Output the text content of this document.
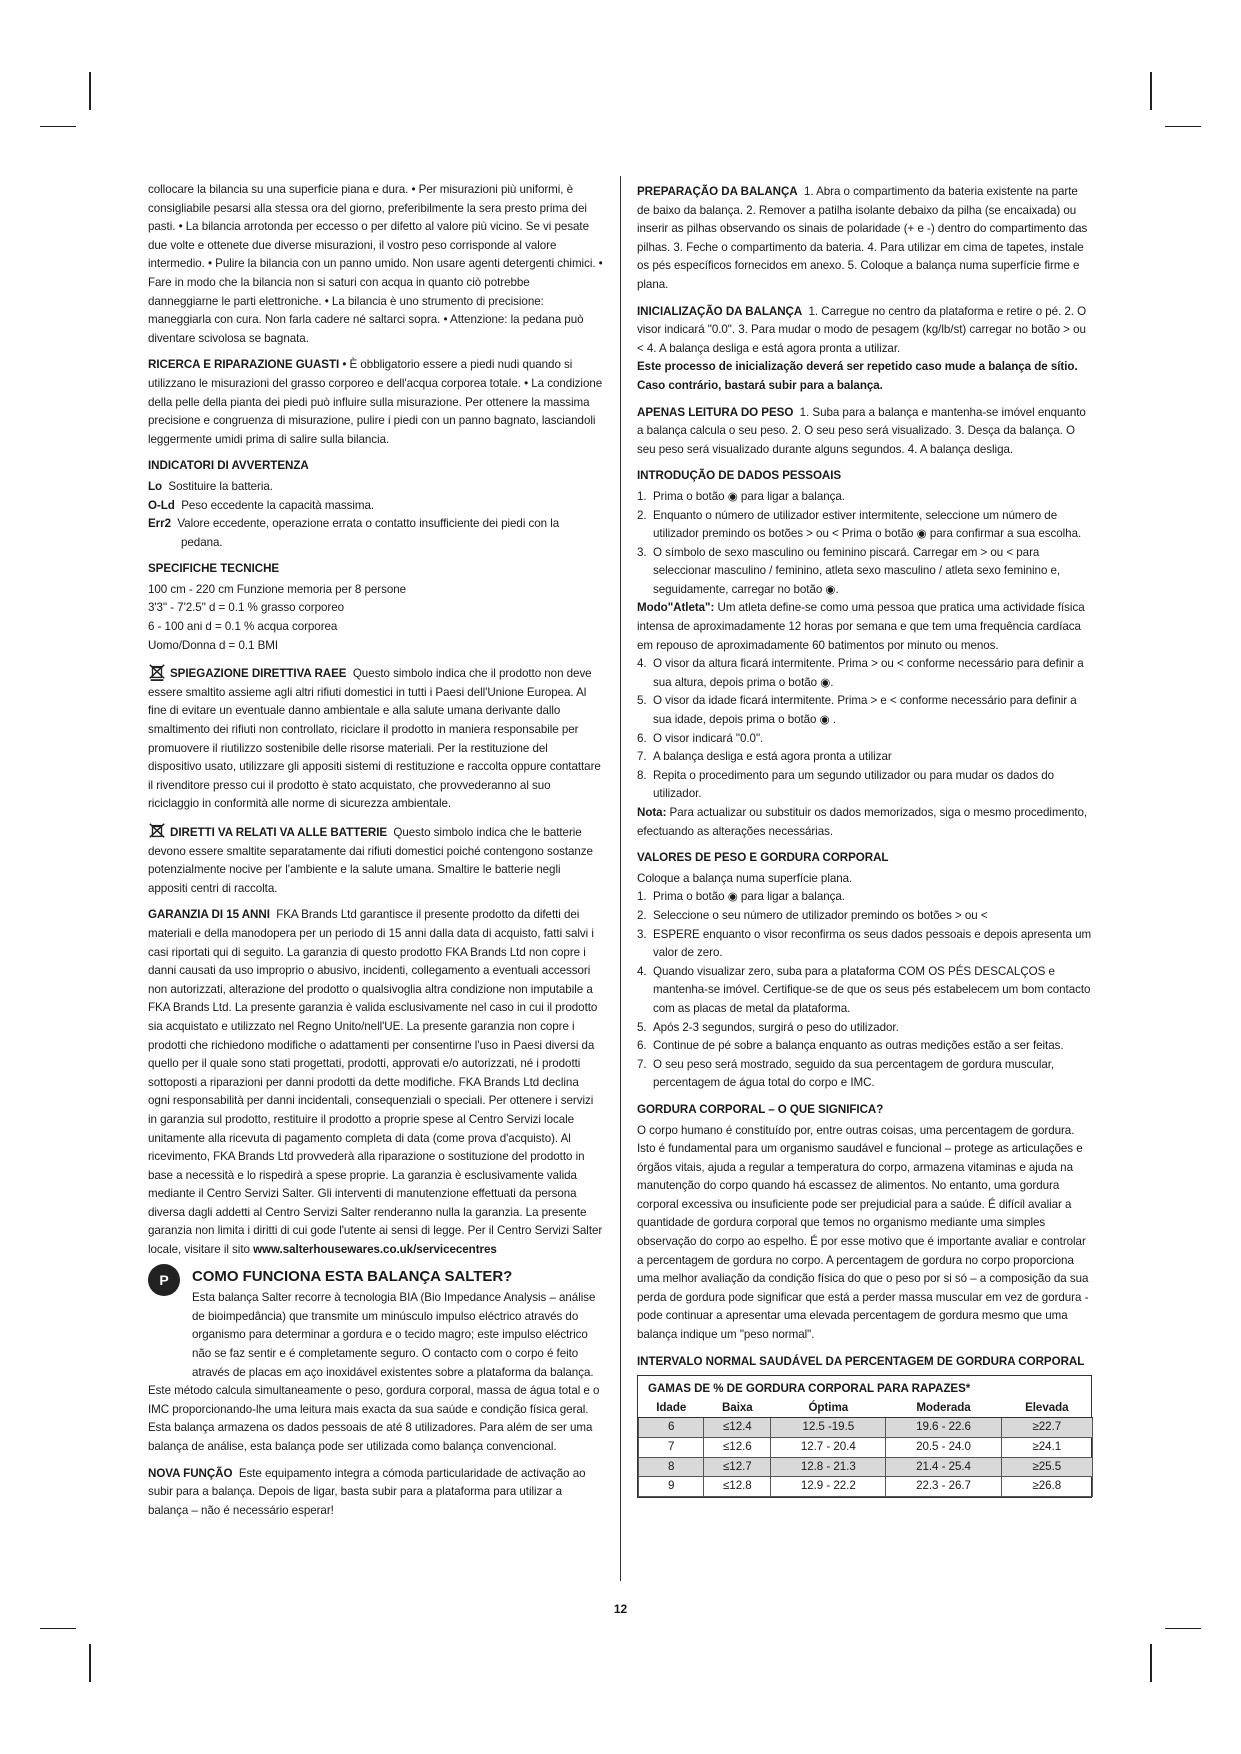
collocare la bilancia su una superficie piana e dura. • Per misurazioni più uniformi, è consigliabile pesarsi alla stessa ora del giorno, preferibilmente la sera presto prima dei pasti. • La bilancia arrotonda per eccesso o per difetto al valore più vicino. Se vi pesate due volte e ottenete due diverse misurazioni, il vostro peso corrisponde al valore intermedio. • Pulire la bilancia con un panno umido. Non usare agenti detergenti chimici. • Fare in modo che la bilancia non si saturi con acqua in quanto ciò potrebbe danneggiarne le parti elettroniche. • La bilancia è uno strumento di precisione: maneggiarla con cura. Non farla cadere né saltarci sopra. • Attenzione: la pedana può diventare scivolosa se bagnata.

RICERCA E RIPARAZIONE GUASTI • È obbligatorio essere a piedi nudi quando si utilizzano le misurazioni del grasso corporeo e dell'acqua corporea totale. • La condizione della pelle della pianta dei piedi può influire sulla misurazione. Per ottenere la massima precisione e congruenza di misurazione, pulire i piedi con un panno bagnato, lasciandoli leggermente umidi prima di salire sulla bilancia.

INDICATORI DI AVVERTENZA
Lo Sostituire la batteria.
O-Ld Peso eccedente la capacità massima.
Err2 Valore eccedente, operazione errata o contatto insufficiente dei piedi con la pedana.
SPECIFICHE TECNICHE
100 cm - 220 cm Funzione memoria per 8 persone
3'3" - 7'2.5" d = 0.1 % grasso corporeo
6 - 100 ani d = 0.1 % acqua corporea
Uomo/Donna d = 0.1 BMI

SPIEGAZIONE DIRETTIVA RAEE Questo simbolo indica che il prodotto non deve essere smaltito assieme agli altri rifiuti domestici in tutti i Paesi dell'Unione Europea. Al fine di evitare un eventuale danno ambientale e alla salute umana derivante dallo smaltimento dei rifiuti non controllato, riciclare il prodotto in maniera responsabile per promuovere il riutilizzo sostenibile delle risorse materiali. Per la restituzione del dispositivo usato, utilizzare gli appositi sistemi di restituzione e raccolta oppure contattare il rivenditore presso cui il prodotto è stato acquistato, che provvederanno al suo riciclaggio in conformità alle norme di sicurezza ambientale.

DIRETTI VA RELATI VA ALLE BATTERIE Questo simbolo indica che le batterie devono essere smaltite separatamente dai rifiuti domestici poiché contengono sostanze potenzialmente nocive per l'ambiente e la salute umana. Smaltire le batterie negli appositi centri di raccolta.

GARANZIA DI 15 ANNI FKA Brands Ltd garantisce il presente prodotto da difetti dei materiali e della manodopera per un periodo di 15 anni dalla data di acquisto, fatti salvi i casi riportati qui di seguito. La garanzia di questo prodotto FKA Brands Ltd non copre i danni causati da uso improprio o abusivo, incidenti, collegamento a eventuali accessori non autorizzati, alterazione del prodotto o qualsivoglia altra condizione non imputabile a FKA Brands Ltd. La presente garanzia è valida esclusivamente nel caso in cui il prodotto sia acquistato e utilizzato nel Regno Unito/nell'UE. La presente garanzia non copre i prodotti che richiedono modifiche o adattamenti per consentirne l'uso in Paesi diversi da quello per il quale sono stati progettati, prodotti, approvati e/o autorizzati, né i prodotti sottoposti a riparazioni per danni prodotti da dette modifiche. FKA Brands Ltd declina ogni responsabilità per danni incidentali, consequenziali o speciali. Per ottenere i servizi in garanzia sul prodotto, restituire il prodotto a proprie spese al Centro Servizi locale unitamente alla ricevuta di pagamento completa di data (come prova d'acquisto). Al ricevimento, FKA Brands Ltd provvederà alla riparazione o sostituzione del prodotto in base a necessità e lo rispedirà a spese proprie. La garanzia è esclusivamente valida mediante il Centro Servizi Salter. Gli interventi di manutenzione effettuati da persona diversa dagli addetti al Centro Servizi Salter renderanno nulla la garanzia. La presente garanzia non limita i diritti di cui gode l'utente ai sensi di legge. Per il Centro Servizi Salter locale, visitare il sito www.salterhousewares.co.uk/servicecentres

P	COMO FUNCIONA ESTA BALANÇA SALTER?
Esta balança Salter recorre à tecnologia BIA (Bio Impedance Analysis – análise de bioimpedância) que transmite um minúsculo impulso eléctrico através do organismo para determinar a gordura e o tecido magro; este impulso eléctrico não se faz sentir e é completamente seguro. O contacto com o corpo é feito através de placas em aço inoxidável existentes sobre a plataforma da balança.
Este método calcula simultaneamente o peso, gordura corporal, massa de água total e o IMC proporcionando-lhe uma leitura mais exacta da sua saúde e condição física geral. Esta balança armazena os dados pessoais de até 8 utilizadores. Para além de ser uma balança de análise, esta balança pode ser utilizada como balança convencional.

NOVA FUNÇÃO Este equipamento integra a cómoda particularidade de activação ao subir para a balança. Depois de ligar, basta subir para a plataforma para utilizar a balança – não é necessário esperar!

PREPARAÇÃO DA BALANÇA 1. Abra o compartimento da bateria existente na parte de baixo da balança. 2. Remover a patilha isolante debaixo da pilha (se encaixada) ou inserir as pilhas observando os sinais de polaridade (+ e -) dentro do compartimento das pilhas. 3. Feche o compartimento da bateria. 4. Para utilizar em cima de tapetes, instale os pés específicos fornecidos em anexo. 5. Coloque a balança numa superfície firme e plana.

INICIALIZAÇÃO DA BALANÇA 1. Carregue no centro da plataforma e retire o pé. 2. O visor indicará "0.0". 3. Para mudar o modo de pesagem (kg/lb/st) carregar no botão > ou < 4. A balança desliga e está agora pronta a utilizar.
Este processo de inicialização deverá ser repetido caso mude a balança de sítio. Caso contrário, bastará subir para a balança.

APENAS LEITURA DO PESO 1. Suba para a balança e mantenha-se imóvel enquanto a balança calcula o seu peso. 2. O seu peso será visualizado. 3. Desça da balança. O seu peso será visualizado durante alguns segundos. 4. A balança desliga.

INTRODUÇÃO DE DADOS PESSOAIS
1. Prima o botão ◉ para ligar a balança.
2. Enquanto o número de utilizador estiver intermitente, seleccione um número de utilizador premindo os botões > ou < Prima o botão ◉ para confirmar a sua escolha.
3. O símbolo de sexo masculino ou feminino piscará. Carregar em > ou < para seleccionar masculino / feminino, atleta sexo masculino / atleta sexo feminino e, seguidamente, carregar no botão ◉.
Modo"Atleta": Um atleta define-se como uma pessoa que pratica uma actividade física intensa de aproximadamente 12 horas por semana e que tem uma frequência cardíaca em repouso de aproximadamente 60 batimentos por minuto ou menos.
4. O visor da altura ficará intermitente. Prima > ou < conforme necessário para definir a sua altura, depois prima o botão ◉.
5. O visor da idade ficará intermitente. Prima > e < conforme necessário para definir a sua idade, depois prima o botão ◉ .
6. O visor indicará "0.0".
7. A balança desliga e está agora pronta a utilizar
8. Repita o procedimento para um segundo utilizador ou para mudar os dados do utilizador.
Nota: Para actualizar ou substituir os dados memorizados, siga o mesmo procedimento, efectuando as alterações necessárias.
VALORES DE PESO E GORDURA CORPORAL
Coloque a balança numa superfície plana.
1. Prima o botão ◉ para ligar a balança.
2. Seleccione o seu número de utilizador premindo os botões > ou <
3. ESPERE enquanto o visor reconfirma os seus dados pessoais e depois apresenta um valor de zero.
4. Quando visualizar zero, suba para a plataforma COM OS PÉS DESCALÇOS e mantenha-se imóvel. Certifique-se de que os seus pés estabelecem um bom contacto com as placas de metal da plataforma.
5. Após 2-3 segundos, surgirá o peso do utilizador.
6. Continue de pé sobre a balança enquanto as outras medições estão a ser feitas.
7. O seu peso será mostrado, seguido da sua percentagem de gordura muscular, percentagem de água total do corpo e IMC.
GORDURA CORPORAL – O QUE SIGNIFICA?
O corpo humano é constituído por, entre outras coisas, uma percentagem de gordura. Isto é fundamental para um organismo saudável e funcional – protege as articulações e órgãos vitais, ajuda a regular a temperatura do corpo, armazena vitaminas e ajuda na manutenção do corpo quando há escassez de alimentos. No entanto, uma gordura corporal excessiva ou insuficiente pode ser prejudicial para a saúde. É difícil avaliar a quantidade de gordura corporal que temos no organismo mediante uma simples observação do corpo ao espelho. É por esse motivo que é importante avaliar e controlar a percentagem de gordura no corpo. A percentagem de gordura no corpo proporciona uma melhor avaliação da condição física do que o peso por si só – a composição da sua perda de gordura pode significar que está a perder massa muscular em vez de gordura - pode continuar a apresentar uma elevada percentagem de gordura mesmo que uma balança indique um "peso normal".
INTERVALO NORMAL SAUDÁVEL DA PERCENTAGEM DE GORDURA CORPORAL
GAMAS DE % DE GORDURA CORPORAL PARA RAPAZES*
Idade	Baixa	Óptima	Moderada	Elevada
6	≤12.4	12.5 -19.5	19.6 - 22.6	≥22.7
7	≤12.6	12.7 - 20.4	20.5 - 24.0	≥24.1
8	≤12.7	12.8 - 21.3	21.4 - 25.4	≥25.5
9	≤12.8	12.9 - 22.2	22.3 - 26.7	≥26.8
12
